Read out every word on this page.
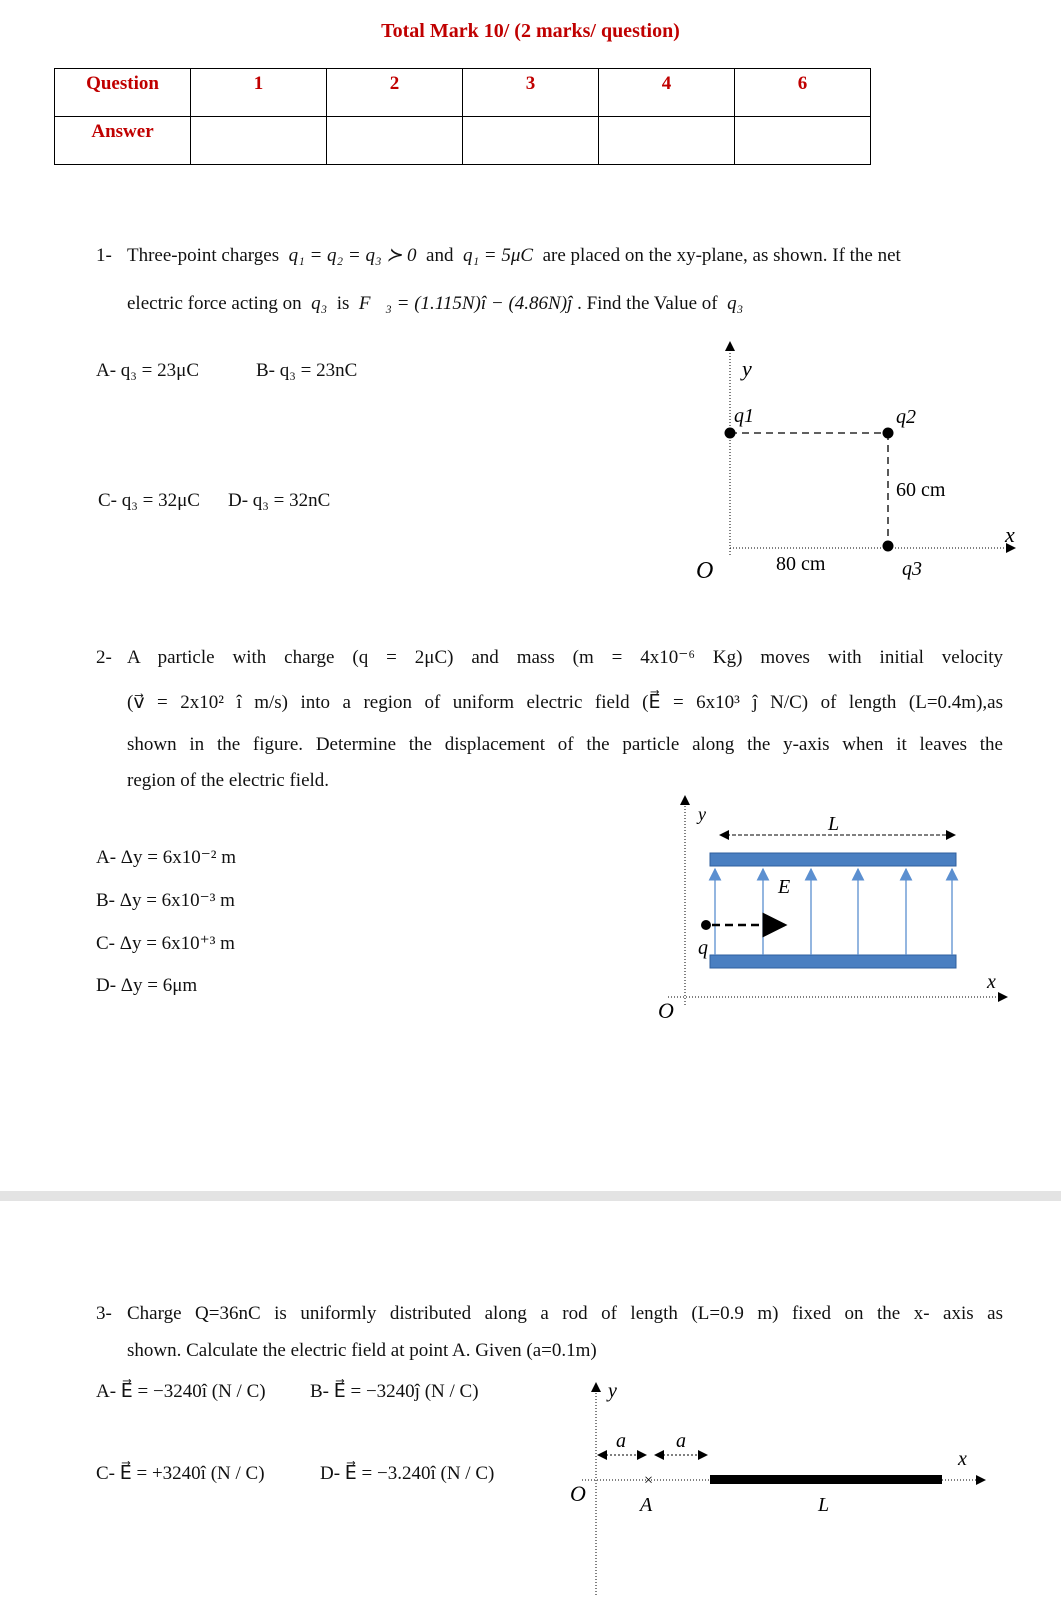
Total Mark 10/ (2 marks/ question)
Question	1	2	3	4	6

Answer					

1- Three-point charges q₁ = q₂ = q₃ ≻ 0 and q₁ = 5μC are placed on the xy-plane, as shown. If the net
electric force acting on q₃ is F⃗₃ = (1.115N)î − (4.86N)ĵ . Find the Value of q₃
A- q₃ = 23μC	B- q₃ = 23nC
C- q₃ = 32μC D- q₃ = 32nC
y
x
O
q1	q2
q3
80 cm
60 cm
2- A particle with charge (q = 2μC) and mass (m = 4x10⁻⁶ Kg) moves with initial velocity
(v⃗ = 2x10² î m/s) into a region of uniform electric field (E⃗ = 6x10³ ĵ N/C) of length (L=0.4m),as
shown in the figure. Determine the displacement of the particle along the y-axis when it leaves the
region of the electric field.
A- Δy = 6x10⁻² m
B- Δy = 6x10⁻³ m
C- Δy = 6x10⁺³ m
D- Δy = 6μm
y
x
O
L
E⃗
q
3- Charge Q=36nC is uniformly distributed along a rod of length (L=0.9 m) fixed on the x- axis as
shown. Calculate the electric field at point A. Given (a=0.1m)
A- E⃗ = −3240î (N / C) B- E⃗ = −3240ĵ (N / C)
C- E⃗ = +3240î (N / C)	D- E⃗ = −3.240î (N / C)
y
x
O
a	a
×
A	L
